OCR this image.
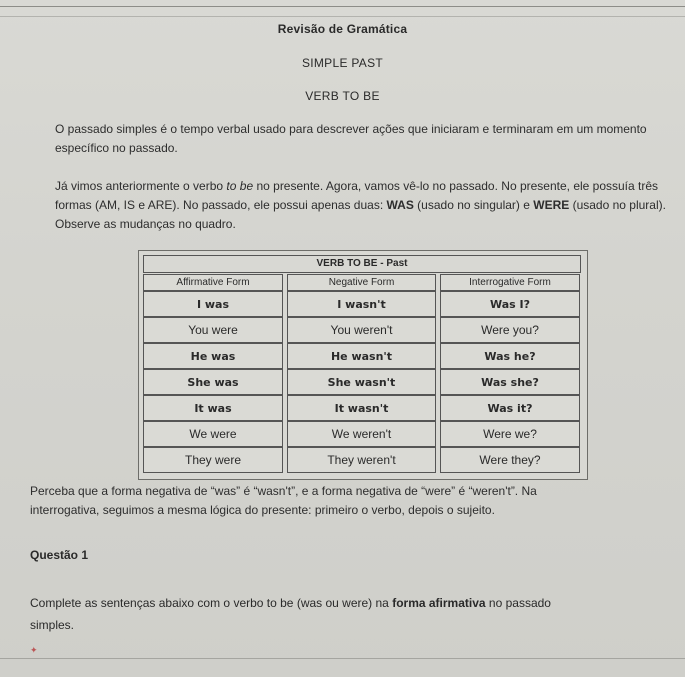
Revisão de Gramática
SIMPLE PAST
VERB TO BE
O passado simples é o tempo verbal usado para descrever ações que iniciaram e terminaram em um momento específico no passado.
Já vimos anteriormente o verbo to be no presente. Agora, vamos vê-lo no passado. No presente, ele possuía três formas (AM, IS e ARE). No passado, ele possui apenas duas: WAS (usado no singular) e WERE (usado no plural). Observe as mudanças no quadro.
VERB TO BE - Past
Affirmative Form
I was
You were
He was
She was
It was
We were
They were
Negative Form
I wasn't
You weren't
He wasn't
She wasn't
It wasn't
We weren't
They weren't
Interrogative Form
Was I?
Were you?
Was he?
Was she?
Was it?
Were we?
Were they?
Perceba que a forma negativa de “was” é “wasn't”, e a forma negativa de “were” é “weren't”. Na
interrogativa, seguimos a mesma lógica do presente: primeiro o verbo, depois o sujeito.
Questão 1
Complete as sentenças abaixo com o verbo to be (was ou were) na forma afirmativa no passado
simples.
✦
